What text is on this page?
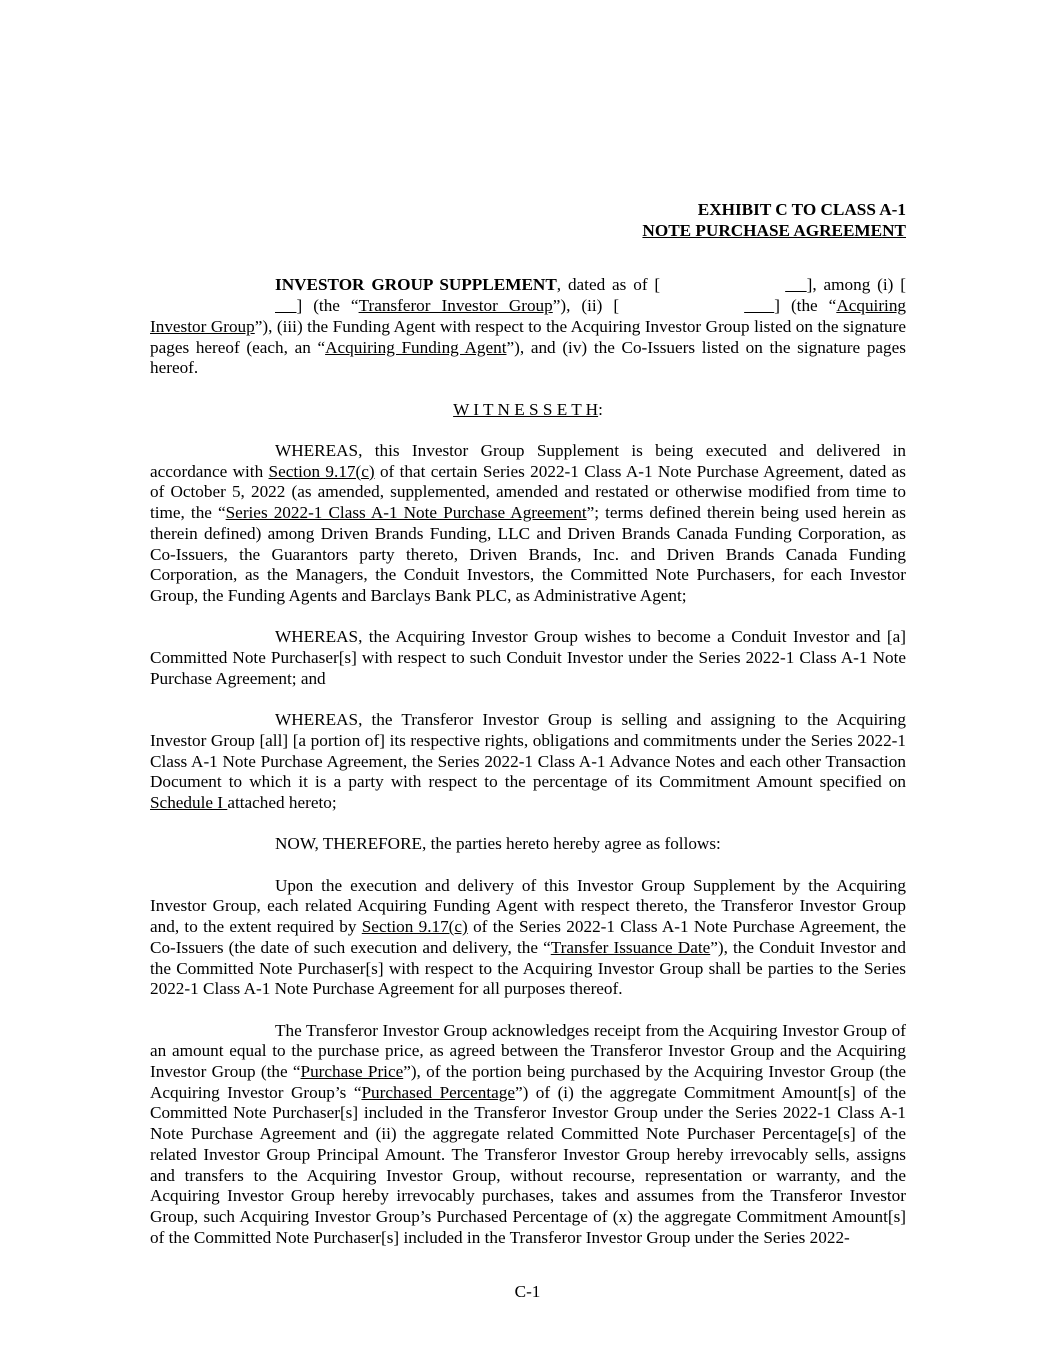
EXHIBIT C TO CLASS A-1
NOTE PURCHASE AGREEMENT

INVESTOR GROUP SUPPLEMENT, dated as of [	], among (i) [     ] (the “Transferor Investor Group”), (ii) [	] (the “Acquiring Investor Group”), (iii) the Funding Agent with respect to the Acquiring Investor Group listed on the signature pages hereof (each, an “Acquiring Funding Agent”), and (iv) the Co-Issuers listed on the signature pages hereof.

W I T N E S S E T H:

WHEREAS, this Investor Group Supplement is being executed and delivered in accordance with Section 9.17(c) of that certain Series 2022-1 Class A-1 Note Purchase Agreement, dated as of October 5, 2022 (as amended, supplemented, amended and restated or otherwise modified from time to time, the “Series 2022-1 Class A-1 Note Purchase Agreement”; terms defined therein being used herein as therein defined) among Driven Brands Funding, LLC and Driven Brands Canada Funding Corporation, as Co-Issuers, the Guarantors party thereto, Driven Brands, Inc. and Driven Brands Canada Funding Corporation, as the Managers, the Conduit Investors, the Committed Note Purchasers, for each Investor Group, the Funding Agents and Barclays Bank PLC, as Administrative Agent;

WHEREAS, the Acquiring Investor Group wishes to become a Conduit Investor and [a] Committed Note Purchaser[s] with respect to such Conduit Investor under the Series 2022-1 Class A-1 Note Purchase Agreement; and

WHEREAS, the Transferor Investor Group is selling and assigning to the Acquiring Investor Group [all] [a portion of] its respective rights, obligations and commitments under the Series 2022-1 Class A-1 Note Purchase Agreement, the Series 2022-1 Class A-1 Advance Notes and each other Transaction Document to which it is a party with respect to the percentage of its Commitment Amount specified on Schedule I attached hereto;

NOW, THEREFORE, the parties hereto hereby agree as follows:

Upon the execution and delivery of this Investor Group Supplement by the Acquiring Investor Group, each related Acquiring Funding Agent with respect thereto, the Transferor Investor Group and, to the extent required by Section 9.17(c) of the Series 2022-1 Class A-1 Note Purchase Agreement, the Co-Issuers (the date of such execution and delivery, the “Transfer Issuance Date”), the Conduit Investor and the Committed Note Purchaser[s] with respect to the Acquiring Investor Group shall be parties to the Series 2022-1 Class A-1 Note Purchase Agreement for all purposes thereof.

The Transferor Investor Group acknowledges receipt from the Acquiring Investor Group of an amount equal to the purchase price, as agreed between the Transferor Investor Group and the Acquiring Investor Group (the “Purchase Price”), of the portion being purchased by the Acquiring Investor Group (the Acquiring Investor Group’s “Purchased Percentage”) of (i) the aggregate Commitment Amount[s] of the Committed Note Purchaser[s] included in the Transferor Investor Group under the Series 2022-1 Class A-1 Note Purchase Agreement and (ii) the aggregate related Committed Note Purchaser Percentage[s] of the related Investor Group Principal Amount. The Transferor Investor Group hereby irrevocably sells, assigns and transfers to the Acquiring Investor Group, without recourse, representation or warranty, and the Acquiring Investor Group hereby irrevocably purchases, takes and assumes from the Transferor Investor Group, such Acquiring Investor Group’s Purchased Percentage of (x) the aggregate Commitment Amount[s] of the Committed Note Purchaser[s] included in the Transferor Investor Group under the Series 2022-

C-1
